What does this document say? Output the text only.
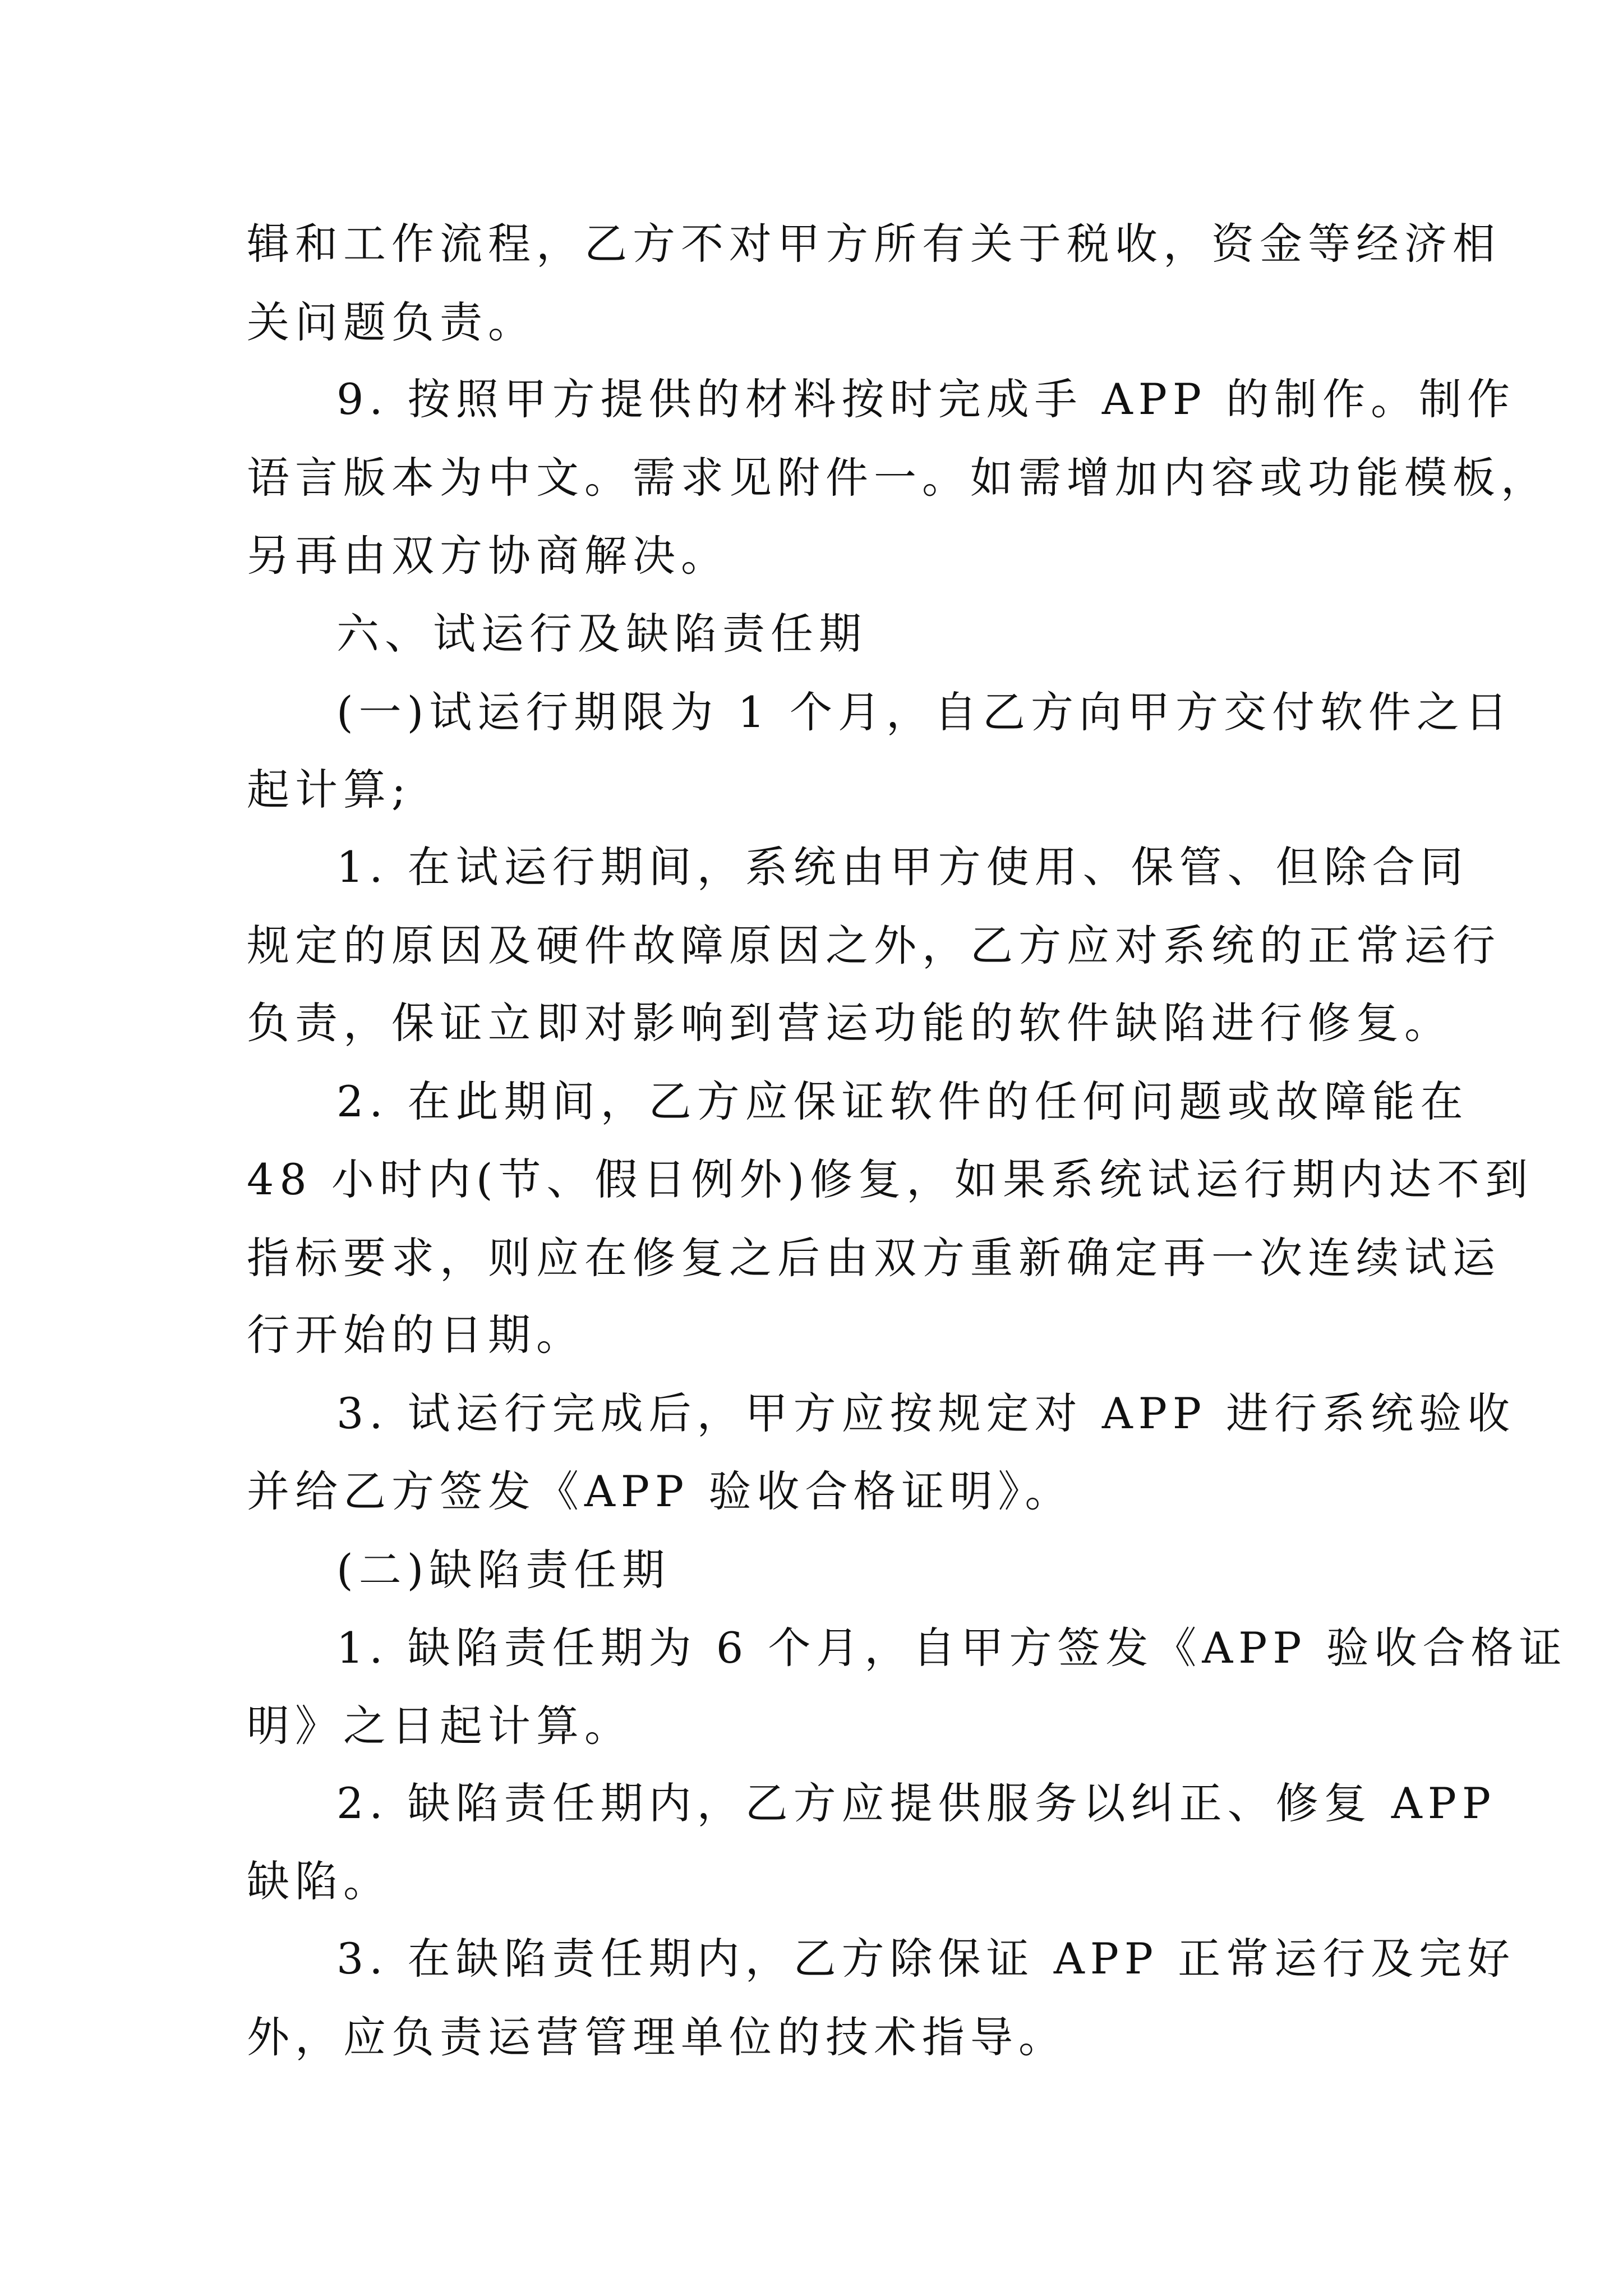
辑和工作流程，乙方不对甲方所有关于税收，资金等经济相
关问题负责。
9. 按照甲方提供的材料按时完成手 APP 的制作。制作
语言版本为中文。需求见附件一。如需增加内容或功能模板，
另再由双方协商解决。
六、试运行及缺陷责任期
(一)试运行期限为 1 个月，自乙方向甲方交付软件之日
起计算;
1. 在试运行期间，系统由甲方使用、保管、但除合同
规定的原因及硬件故障原因之外，乙方应对系统的正常运行
负责，保证立即对影响到营运功能的软件缺陷进行修复。
2. 在此期间，乙方应保证软件的任何问题或故障能在
48 小时内(节、假日例外)修复，如果系统试运行期内达不到
指标要求，则应在修复之后由双方重新确定再一次连续试运
行开始的日期。
3. 试运行完成后，甲方应按规定对 APP 进行系统验收
并给乙方签发《APP 验收合格证明》。
(二)缺陷责任期
1. 缺陷责任期为 6 个月，自甲方签发《APP 验收合格证
明》之日起计算。
2. 缺陷责任期内，乙方应提供服务以纠正、修复 APP
缺陷。
3. 在缺陷责任期内，乙方除保证 APP 正常运行及完好
外，应负责运营管理单位的技术指导。
